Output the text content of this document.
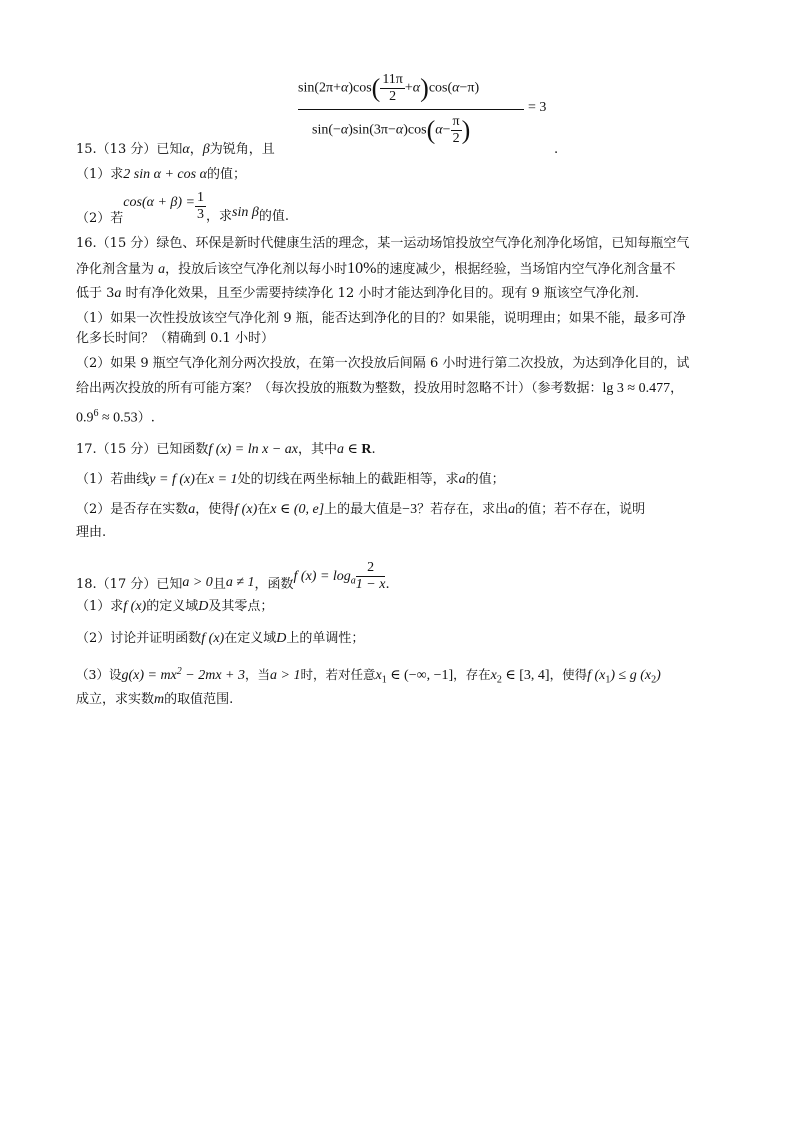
$\sin(2\pi+\alpha)\cos( \frac{11\pi}{2} +\alpha)\cos(\alpha-\pi)$
$\sin(-\alpha)\sin(3\pi-\alpha)\cos(\alpha- \frac{\pi}{2}$ )
= 3
15.（13 分）已知α，β为锐角，且	.
（1）求2 sin α + cos α的值；
（2）若$\cos(\alpha + \beta) = \frac{1}{3}$ ，求sin β的值.
16.（15 分）绿色、环保是新时代健康生活的理念，某一运动场馆投放空气净化剂净化场馆，已知每瓶空气
净化剂含量为 a，投放后该空气净化剂以每小时10%的速度减少，根据经验，当场馆内空气净化剂含量不
低于 3a 时有净化效果，且至少需要持续净化 12 小时才能达到净化目的。现有 9 瓶该空气净化剂.
（1）如果一次性投放该空气净化剂 9 瓶，能否达到净化的目的？如果能，说明理由；如果不能，最多可净
化多长时间？（精确到 0.1 小时）
（2）如果 9 瓶空气净化剂分两次投放，在第一次投放后间隔 6 小时进行第二次投放，为达到净化目的，试
给出两次投放的所有可能方案？（每次投放的瓶数为整数，投放用时忽略不计）（参考数据：lg 3 ≈ 0.477，
$0.9^6 \approx 0.53$）.
17.（15 分）已知函数f (x) = ln x − ax，其中a ∈ R.
（1）若曲线y = f (x)在x = 1处的切线在两坐标轴上的截距相等，求a的值；
（2）是否存在实数a，使得f (x)在x ∈ (0, e]上的最大值是−3？若存在，求出a的值；若不存在，说明
理由.
18.（17 分）已知a > 0且a ≠ 1，函数f $(x) = \log_a \frac{2}{1 - x}$ .
（1）求f (x)的定义域D及其零点；
（2）讨论并证明函数f (x)在定义域D上的单调性；
（3）设$g(x) = mx^2 - 2mx + 3$，当a > 1时，若对任意$x_1$ ∈ (−∞, −1]，存在$x_2$ ∈ [3, 4]，使得f $(x_1) \le g$ $(x_2)$
成立，求实数m的取值范围.
